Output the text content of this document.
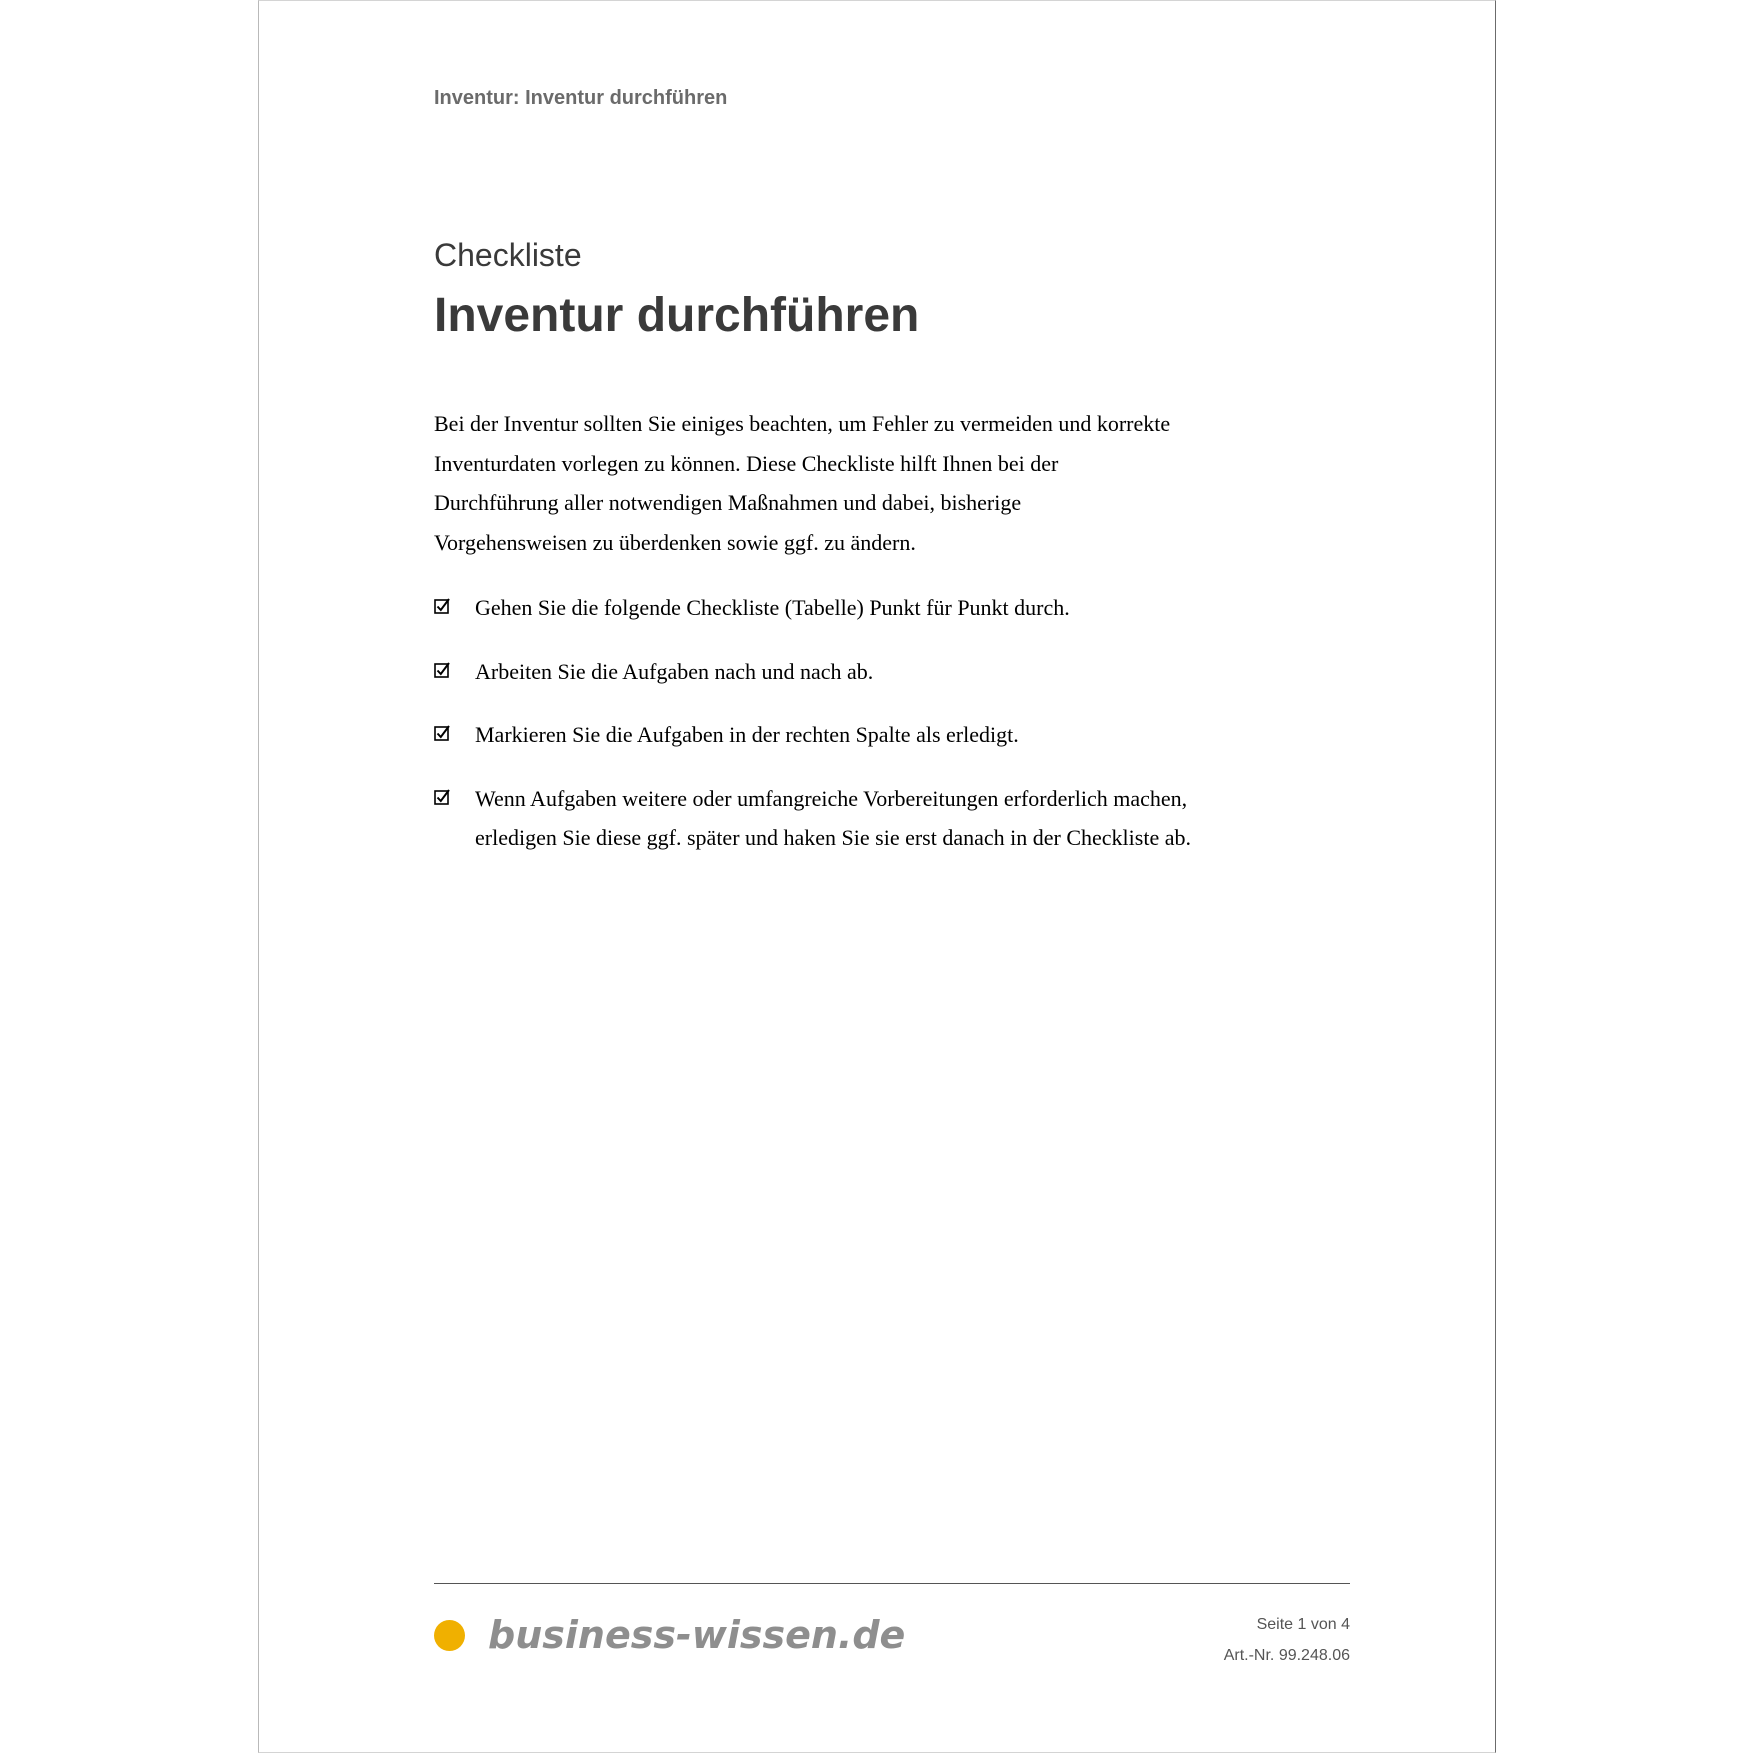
Inventur: Inventur durchführen
Checkliste
Inventur durchführen

Bei der Inventur sollten Sie einiges beachten, um Fehler zu vermeiden und korrekte Inventurdaten vorlegen zu können. Diese Checkliste hilft Ihnen bei der Durchführung aller notwendigen Maßnahmen und dabei, bisherige Vorgehensweisen zu überdenken sowie ggf. zu ändern.

Gehen Sie die folgende Checkliste (Tabelle) Punkt für Punkt durch.
Arbeiten Sie die Aufgaben nach und nach ab.
Markieren Sie die Aufgaben in der rechten Spalte als erledigt.
Wenn Aufgaben weitere oder umfangreiche Vorbereitungen erforderlich machen, erledigen Sie diese ggf. später und haken Sie sie erst danach in der Checkliste ab.
business-wissen.de	Seite 1 von 4
Art.-Nr. 99.248.06
